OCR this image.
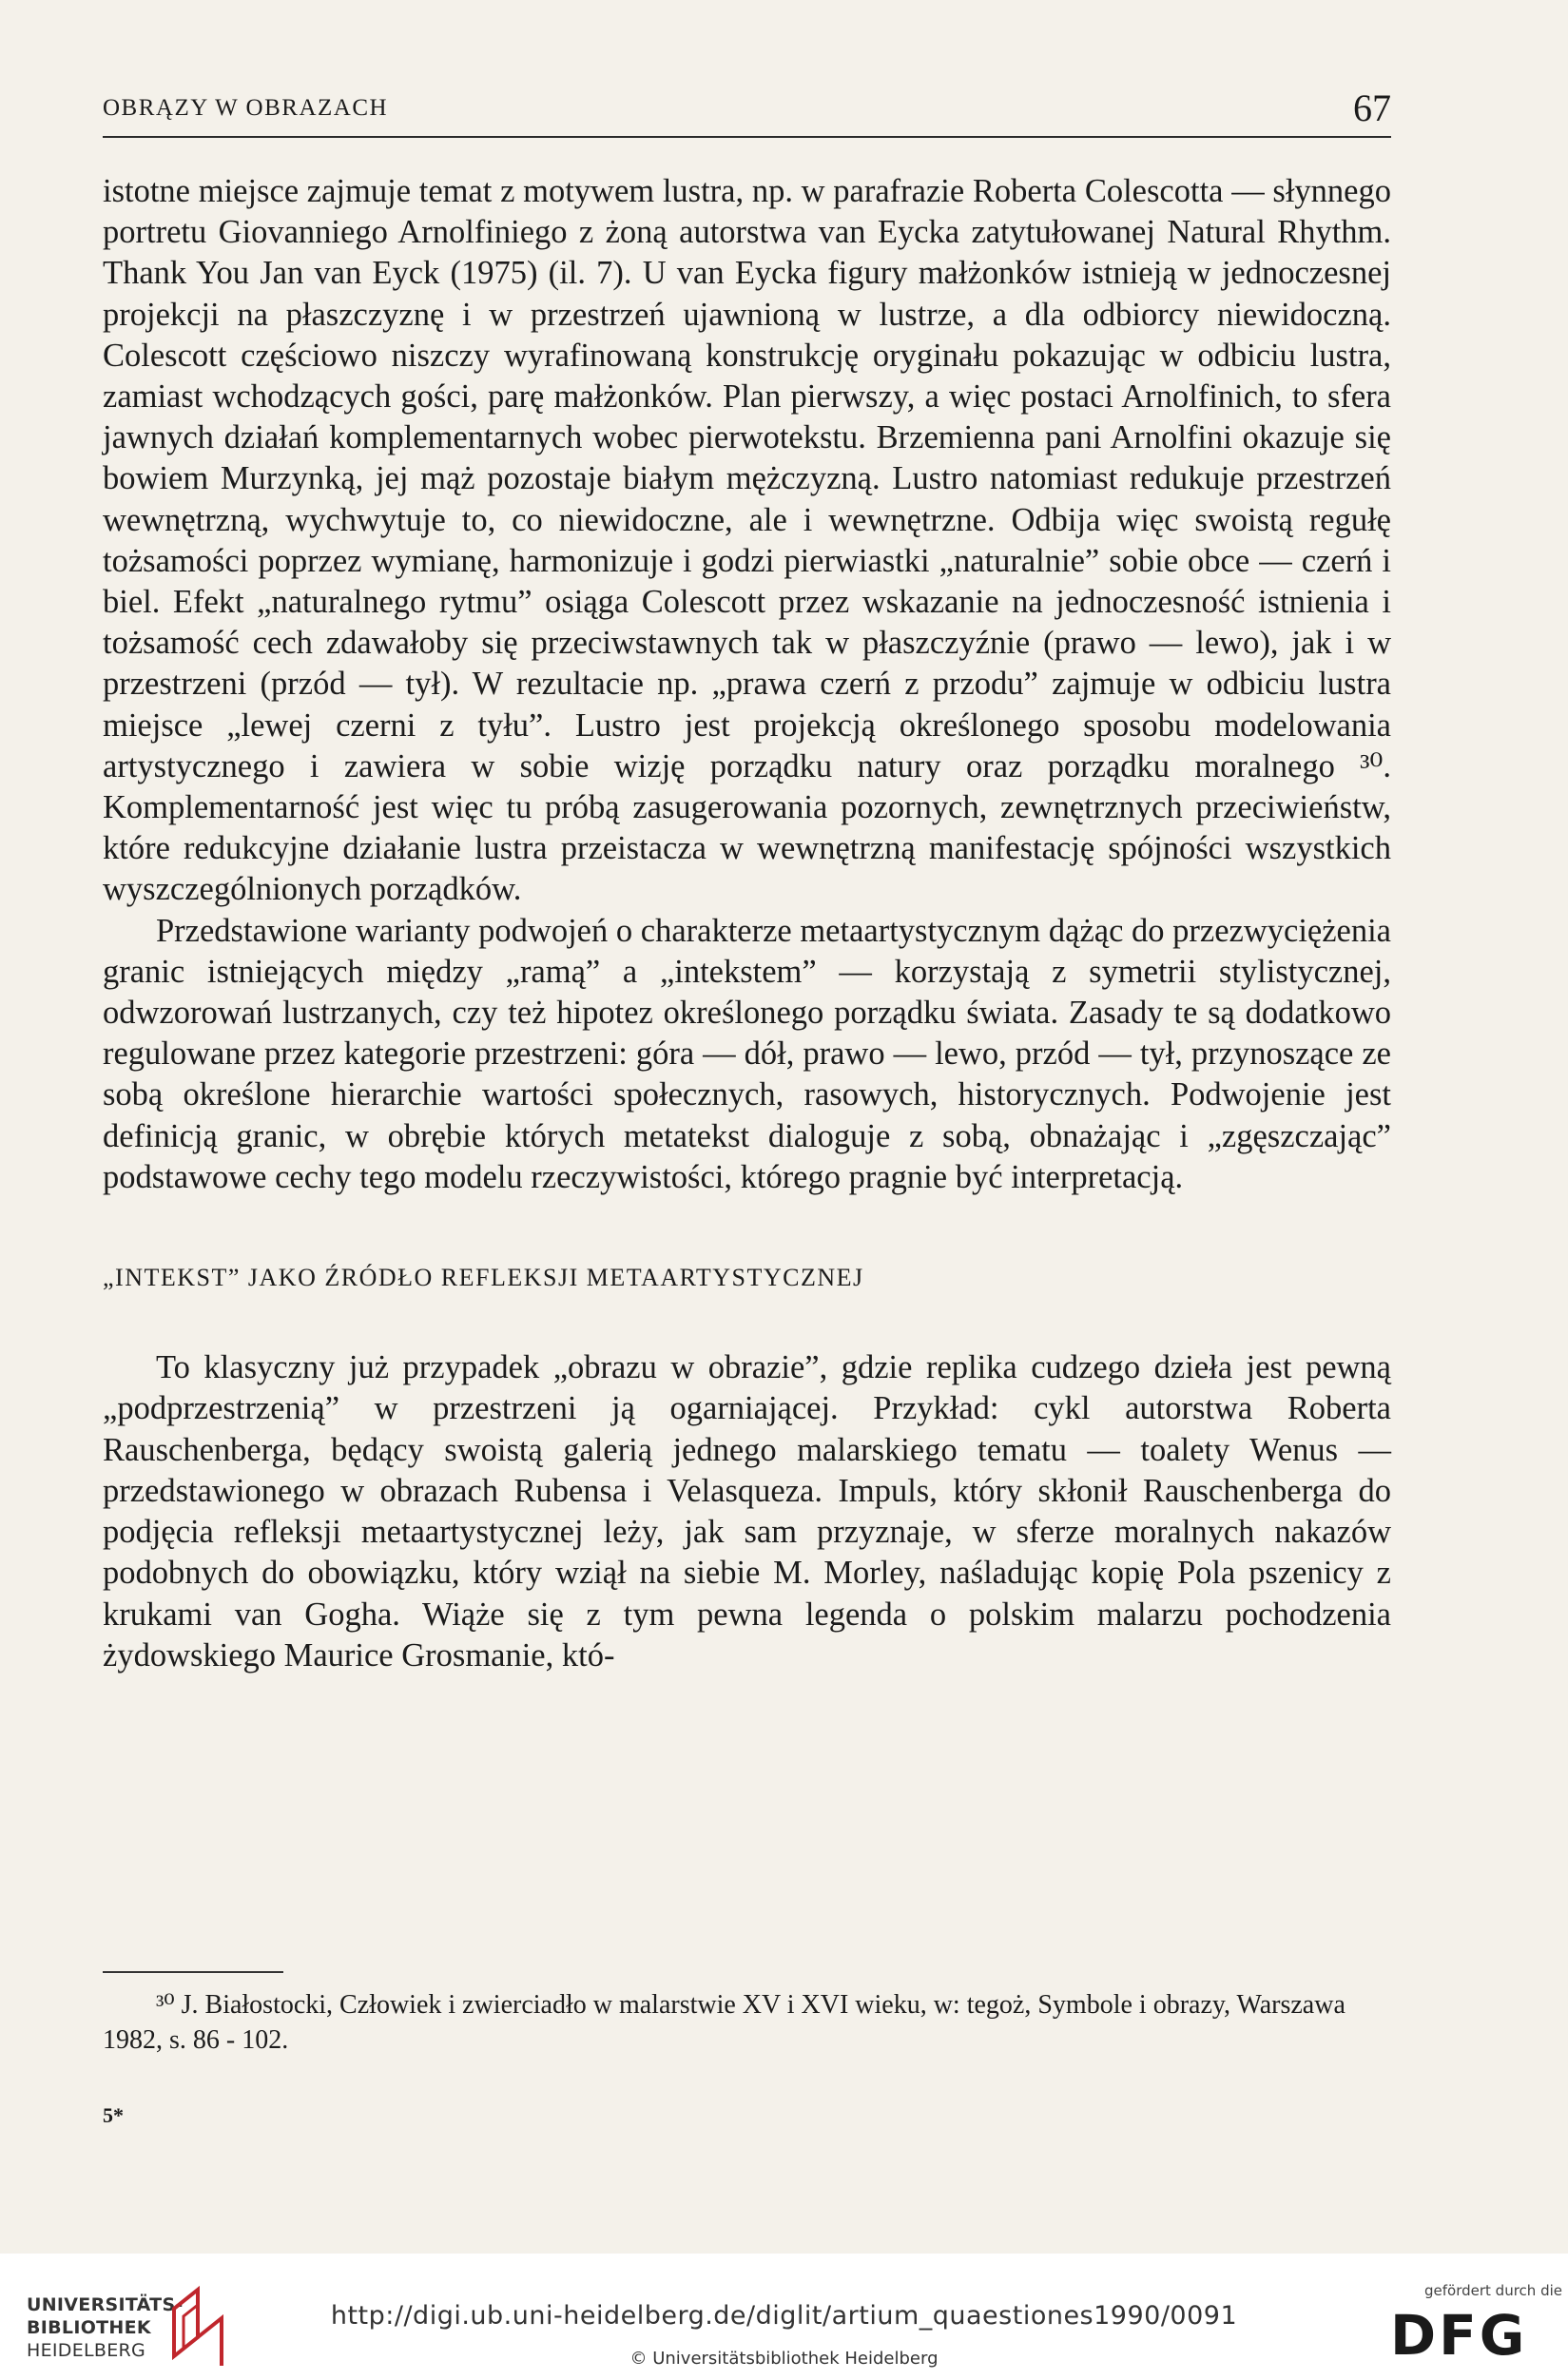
OBRĄZY W OBRAZACH	67

istotne miejsce zajmuje temat z motywem lustra, np. w parafrazie Roberta Colescotta — słynnego portretu Giovanniego Arnolfiniego z żoną autorstwa van Eycka zatytułowanej Natural Rhythm. Thank You Jan van Eyck (1975) (il. 7). U van Eycka figury małżonków istnieją w jednoczesnej projekcji na płaszczyznę i w przestrzeń ujawnioną w lustrze, a dla odbiorcy niewidoczną. Colescott częściowo niszczy wyrafinowaną konstrukcję oryginału pokazując w odbiciu lustra, zamiast wchodzących gości, parę małżonków. Plan pierwszy, a więc postaci Arnolfinich, to sfera jawnych działań komplementarnych wobec pierwotekstu. Brzemienna pani Arnolfini okazuje się bowiem Murzynką, jej mąż pozostaje białym mężczyzną. Lustro natomiast redukuje przestrzeń wewnętrzną, wychwytuje to, co niewidoczne, ale i wewnętrzne. Odbija więc swoistą regułę tożsamości poprzez wymianę, harmonizuje i godzi pierwiastki „naturalnie” sobie obce — czerń i biel. Efekt „naturalnego rytmu” osiąga Colescott przez wskazanie na jednoczesność istnienia i tożsamość cech zdawałoby się przeciwstawnych tak w płaszczyźnie (prawo — lewo), jak i w przestrzeni (przód — tył). W rezultacie np. „prawa czerń z przodu” zajmuje w odbiciu lustra miejsce „lewej czerni z tyłu”. Lustro jest projekcją określonego sposobu modelowania artystycznego i zawiera w sobie wizję porządku natury oraz porządku moralnego ³⁰. Komplementarność jest więc tu próbą zasugerowania pozornych, zewnętrznych przeciwieństw, które redukcyjne działanie lustra przeistacza w wewnętrzną manifestację spójności wszystkich wyszczególnionych porządków.

Przedstawione warianty podwojeń o charakterze metaartystycznym dążąc do przezwyciężenia granic istniejących między „ramą” a „intekstem” — korzystają z symetrii stylistycznej, odwzorowań lustrzanych, czy też hipotez określonego porządku świata. Zasady te są dodatkowo regulowane przez kategorie przestrzeni: góra — dół, prawo — lewo, przód — tył, przynoszące ze sobą określone hierarchie wartości społecznych, rasowych, historycznych. Podwojenie jest definicją granic, w obrębie których metatekst dialoguje z sobą, obnażając i „zgęszczając” podstawowe cechy tego modelu rzeczywistości, którego pragnie być interpretacją.

„INTEKST” JAKO ŹRÓDŁO REFLEKSJI METAARTYSTYCZNEJ

To klasyczny już przypadek „obrazu w obrazie”, gdzie replika cudzego dzieła jest pewną „podprzestrzenią” w przestrzeni ją ogarniającej. Przykład: cykl autorstwa Roberta Rauschenberga, będący swoistą galerią jednego malarskiego tematu — toalety Wenus — przedstawionego w obrazach Rubensa i Velasqueza. Impuls, który skłonił Rauschenberga do podjęcia refleksji metaartystycznej leży, jak sam przyznaje, w sferze moralnych nakazów podobnych do obowiązku, który wziął na siebie M. Morley, naśladując kopię Pola pszenicy z krukami van Gogha. Wiąże się z tym pewna legenda o polskim malarzu pochodzenia żydowskiego Maurice Grosmanie, któ-

³⁰ J. Białostocki, Człowiek i zwierciadło w malarstwie XV i XVI wieku, w: tegoż, Symbole i obrazy, Warszawa 1982, s. 86 - 102.

5*
UNIVERSITÄTS-
BIBLIOTHEK
HEIDELBERG
http://digi.ub.uni-heidelberg.de/diglit/artium_quaestiones1990/0091
© Universitätsbibliothek Heidelberg
gefördert durch die
DFG
